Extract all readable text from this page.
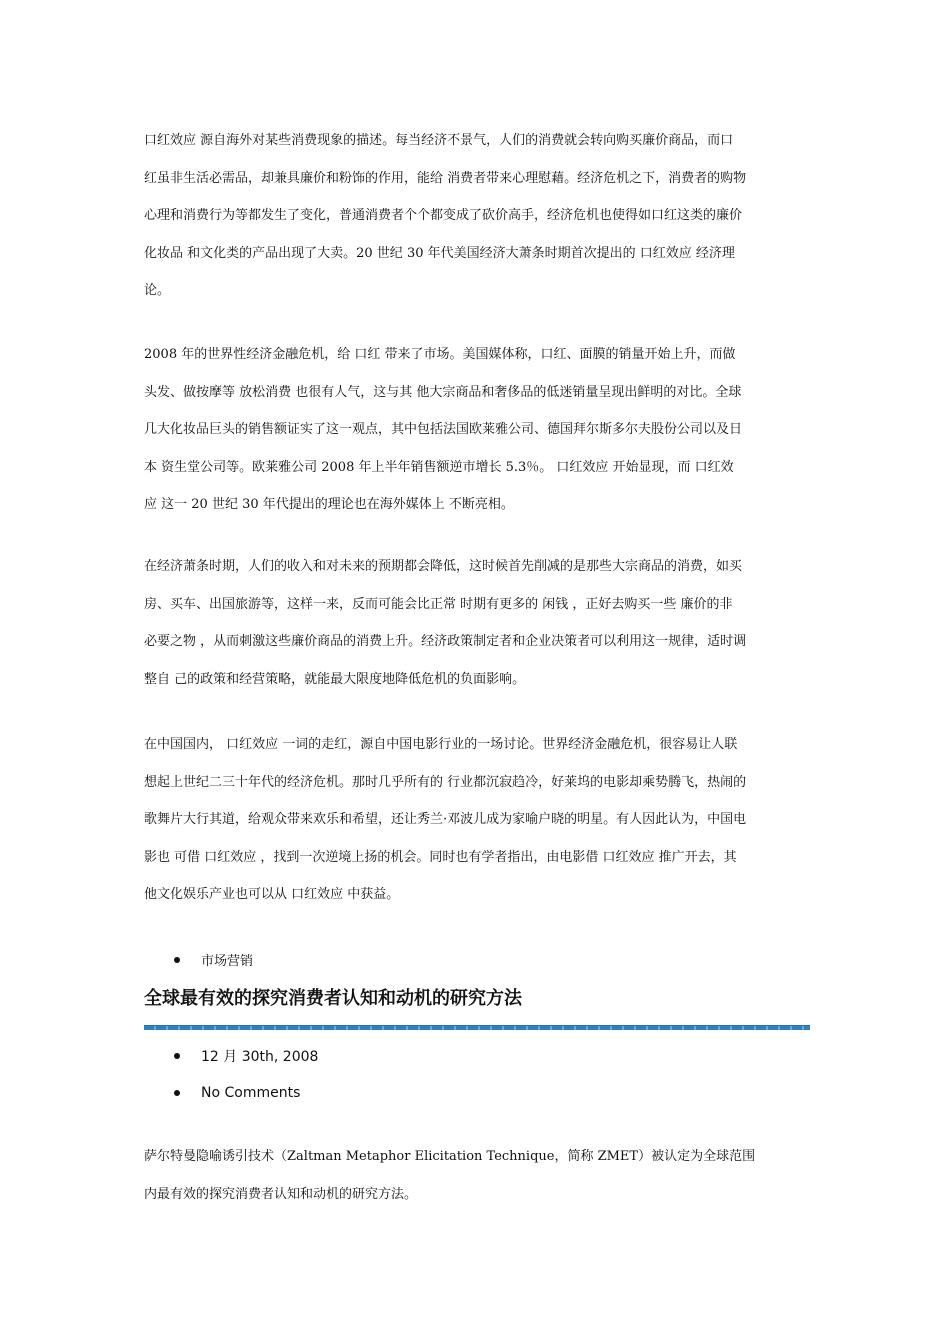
口红效应 源自海外对某些消费现象的描述。每当经济不景气，人们的消费就会转向购买廉价商品，而口
红虽非生活必需品，却兼具廉价和粉饰的作用，能给 消费者带来心理慰藉。经济危机之下，消费者的购物
心理和消费行为等都发生了变化，普通消费者个个都变成了砍价高手，经济危机也使得如口红这类的廉价
化妆品 和文化类的产品出现了大卖。20 世纪 30 年代美国经济大萧条时期首次提出的 口红效应 经济理
论。
2008 年的世界性经济金融危机，给 口红 带来了市场。美国媒体称，口红、面膜的销量开始上升，而做
头发、做按摩等 放松消费 也很有人气，这与其 他大宗商品和奢侈品的低迷销量呈现出鲜明的对比。全球
几大化妆品巨头的销售额证实了这一观点，其中包括法国欧莱雅公司、德国拜尔斯多尔夫股份公司以及日
本 资生堂公司等。欧莱雅公司 2008 年上半年销售额逆市增长 5.3％。 口红效应 开始显现，而 口红效
应 这一 20 世纪 30 年代提出的理论也在海外媒体上 不断亮相。
在经济萧条时期，人们的收入和对未来的预期都会降低，这时候首先削减的是那些大宗商品的消费，如买
房、买车、出国旅游等，这样一来，反而可能会比正常 时期有更多的 闲钱 ，正好去购买一些 廉价的非
必要之物 ，从而刺激这些廉价商品的消费上升。经济政策制定者和企业决策者可以利用这一规律，适时调
整自 己的政策和经营策略，就能最大限度地降低危机的负面影响。
在中国国内， 口红效应 一词的走红，源自中国电影行业的一场讨论。世界经济金融危机，很容易让人联
想起上世纪二三十年代的经济危机。那时几乎所有的 行业都沉寂趋冷，好莱坞的电影却乘势腾飞，热闹的
歌舞片大行其道，给观众带来欢乐和希望，还让秀兰·邓波儿成为家喻户晓的明星。有人因此认为，中国电
影也 可借 口红效应 ，找到一次逆境上扬的机会。同时也有学者指出，由电影借 口红效应 推广开去，其
他文化娱乐产业也可以从 口红效应 中获益。
市场营销
全球最有效的探究消费者认知和动机的研究方法
12 月 30th, 2008
No Comments
萨尔特曼隐喻诱引技术（Zaltman Metaphor Elicitation Technique，简称 ZMET）被认定为全球范围
内最有效的探究消费者认知和动机的研究方法。
